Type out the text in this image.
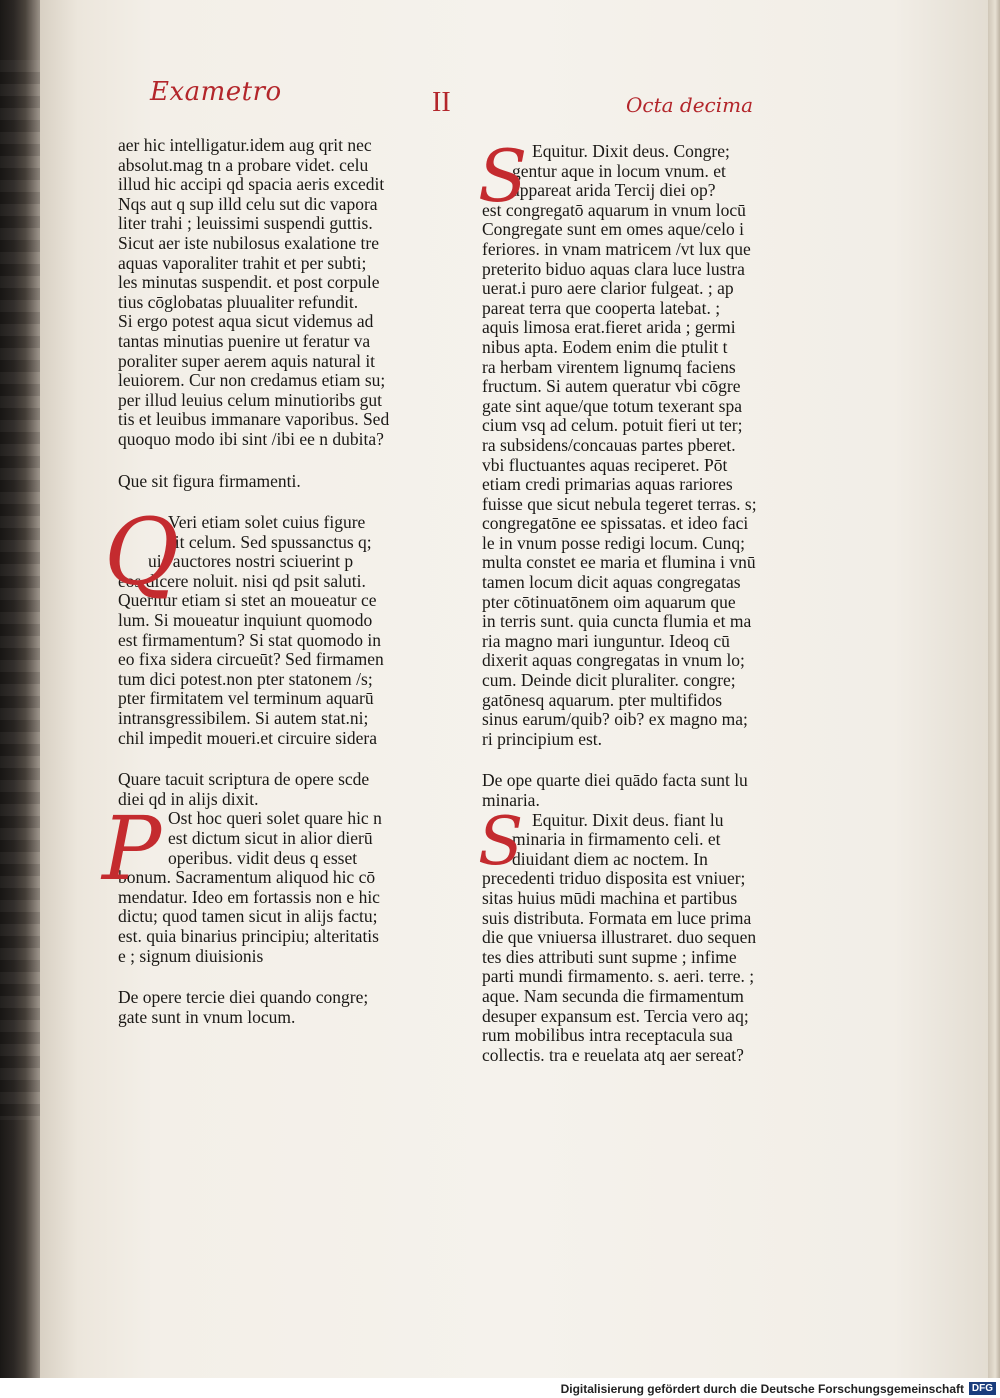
Exametro	II	Octa decima
aer hic intelligatur.idem aug qrit nec
absolut.mag tn a probare videt. celu
illud hic accipi qd spacia aeris excedit
Nqs aut q sup illd celu sut dic vapora
liter trahi ; leuissimi suspendi guttis.
Sicut aer iste nubilosus exalatione tre
aquas vaporaliter trahit et per subti;
les minutas suspendit. et post corpule
tius cōglobatas pluualiter refundit.
Si ergo potest aqua sicut videmus ad
tantas minutias puenire ut feratur va
poraliter super aerem aquis natural it
leuiorem. Cur non credamus etiam su;
per illud leuius celum minutioribs gut
tis et leuibus immanare vaporibus. Sed
quoquo modo ibi sint /ibi ee n dubita?
Que sit figura firmamenti.
Q
Veri etiam solet cuius figure
sit celum. Sed spussanctus q;
uis auctores nostri sciuerint p
eos dicere noluit. nisi qd psit saluti.
Queritur etiam si stet an moueatur ce
lum. Si moueatur inquiunt quomodo
est firmamentum? Si stat quomodo in
eo fixa sidera circueūt? Sed firmamen
tum dici potest.non pter statonem /s;
pter firmitatem vel terminum aquarū
intransgressibilem. Si autem stat.ni;
chil impedit moueri.et circuire sidera
Quare tacuit scriptura de opere scde
diei qd in alijs dixit.
P Ost hoc queri solet quare hic n
est dictum sicut in alior dierū
operibus. vidit deus q esset
bonum. Sacramentum aliquod hic cō
mendatur. Ideo em fortassis non e hic
dictu; quod tamen sicut in alijs factu;
est. quia binarius principiu; alteritatis
e ; signum diuisionis
De opere tercie diei quando congre;
gate sunt in vnum locum.
S Equitur. Dixit deus. Congre;
gentur aque in locum vnum. et
appareat arida Tercij diei op?
est congregatō aquarum in vnum locū
Congregate sunt em omes aque/celo i
feriores. in vnam matricem /vt lux que
preterito biduo aquas clara luce lustra
uerat.i puro aere clarior fulgeat. ; ap
pareat terra que cooperta latebat. ;
aquis limosa erat.fieret arida ; germi
nibus apta. Eodem enim die ptulit t
ra herbam virentem lignumq faciens
fructum. Si autem queratur vbi cōgre
gate sint aque/que totum texerant spa
cium vsq ad celum. potuit fieri ut ter;
ra subsidens/concauas partes pberet.
vbi fluctuantes aquas reciperet. Pōt
etiam credi primarias aquas rariores
fuisse que sicut nebula tegeret terras. s;
congregatōne ee spissatas. et ideo faci
le in vnum posse redigi locum. Cunq;
multa constet ee maria et flumina i vnū
tamen locum dicit aquas congregatas
pter cōtinuatōnem oim aquarum que
in terris sunt. quia cuncta flumia et ma
ria magno mari iunguntur. Ideoq cū
dixerit aquas congregatas in vnum lo;
cum. Deinde dicit pluraliter. congre;
gatōnesq aquarum. pter multifidos
sinus earum/quib? oib? ex magno ma;
ri principium est.
De ope quarte diei quādo facta sunt lu
minaria.
S Equitur. Dixit deus. fiant lu
minaria in firmamento celi. et
diuidant diem ac noctem. In
precedenti triduo disposita est vniuer;
sitas huius mūdi machina et partibus
suis distributa. Formata em luce prima
die que vniuersa illustraret. duo sequen
tes dies attributi sunt supme ; infime
parti mundi firmamento. s. aeri. terre. ;
aque. Nam secunda die firmamentum
desuper expansum est. Tercia vero aq;
rum mobilibus intra receptacula sua
collectis. tra e reuelata atq aer sereat?
Digitalisierung gefördert durch die Deutsche Forschungsgemeinschaft DFG
